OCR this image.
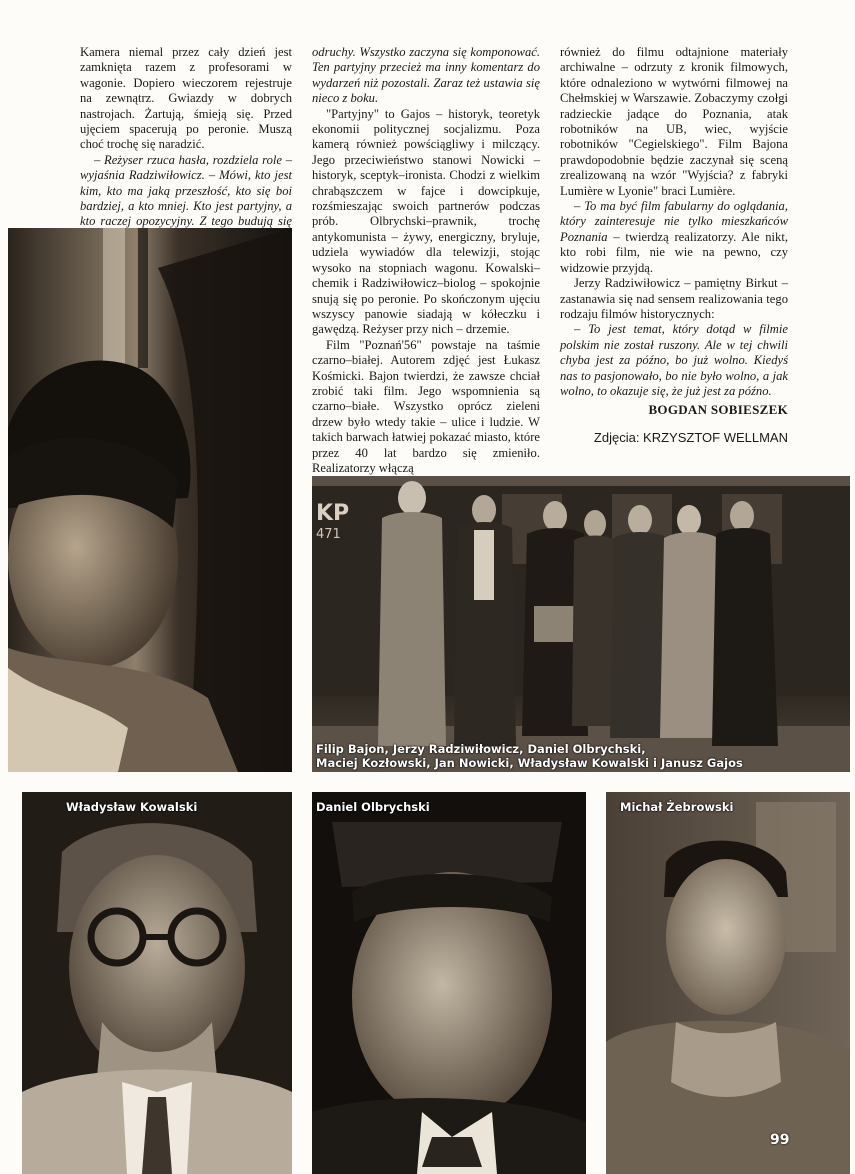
Kamera niemal przez cały dzień jest zamknięta razem z profesorami w wagonie. Dopiero wieczorem rejestruje na zewnątrz. Gwiazdy w dobrych nastrojach. Żartują, śmieją się. Przed ujęciem spacerują po peronie. Muszą choć trochę się naradzić.

– Reżyser rzuca hasła, rozdziela role – wyjaśnia Radziwiłowicz. – Mówi, kto jest kim, kto ma jaką przeszłość, kto się boi bardziej, a kto mniej. Kto jest partyjny, a kto raczej opozycyjny. Z tego budują się

odruchy. Wszystko zaczyna się komponować. Ten partyjny przecież ma inny komentarz do wydarzeń niż pozostali. Zaraz też ustawia się nieco z boku.

"Partyjny" to Gajos – historyk, teoretyk ekonomii politycznej socjalizmu. Poza kamerą również powściągliwy i milczący. Jego przeciwieństwo stanowi Nowicki – historyk, sceptyk–ironista. Chodzi z wielkim chrabąszczem w fajce i dowcipkuje, rozśmieszając swoich partnerów podczas prób. Olbrychski–prawnik, trochę antykomunista – żywy, energiczny, bryluje, udziela wywiadów dla telewizji, stojąc wysoko na stopniach wagonu. Kowalski–chemik i Radziwiłowicz–biolog – spokojnie snują się po peronie. Po skończonym ujęciu wszyscy panowie siadają w kółeczku i gawędzą. Reżyser przy nich – drzemie.

Film "Poznań'56" powstaje na taśmie czarno–białej. Autorem zdjęć jest Łukasz Kośmicki. Bajon twierdzi, że zawsze chciał zrobić taki film. Jego wspomnienia są czarno–białe. Wszystko oprócz zieleni drzew było wtedy takie – ulice i ludzie. W takich barwach łatwiej pokazać miasto, które przez 40 lat bardzo się zmieniło. Realizatorzy włączą

również do filmu odtajnione materiały archiwalne – odrzuty z kronik filmowych, które odnaleziono w wytwórni filmowej na Chełmskiej w Warszawie. Zobaczymy czołgi radzieckie jadące do Poznania, atak robotników na UB, wiec, wyjście robotników "Cegielskiego". Film Bajona prawdopodobnie będzie zaczynał się sceną zrealizowaną na wzór "Wyjścia? z fabryki Lumière w Lyonie" braci Lumière.

– To ma być film fabularny do oglądania, który zainteresuje nie tylko mieszkańców Poznania – twierdzą realizatorzy. Ale nikt, kto robi film, nie wie na pewno, czy widzowie przyjdą.

Jerzy Radziwiłowicz – pamiętny Birkut – zastanawia się nad sensem realizowania tego rodzaju filmów historycznych:

– To jest temat, który dotąd w filmie polskim nie został ruszony. Ale w tej chwili chyba jest za późno, bo już wolno. Kiedyś nas to pasjonowało, bo nie było wolno, a jak wolno, to okazuje się, że już jest za późno.

BOGDAN SOBIESZEK
Zdjęcia: KRZYSZTOF WELLMAN
KP
471
Filip Bajon, Jerzy Radziwiłowicz, Daniel Olbrychski,
Maciej Kozłowski, Jan Nowicki, Władysław Kowalski i Janusz Gajos
Władysław Kowalski	Daniel Olbrychski	Michał Żebrowski
99
